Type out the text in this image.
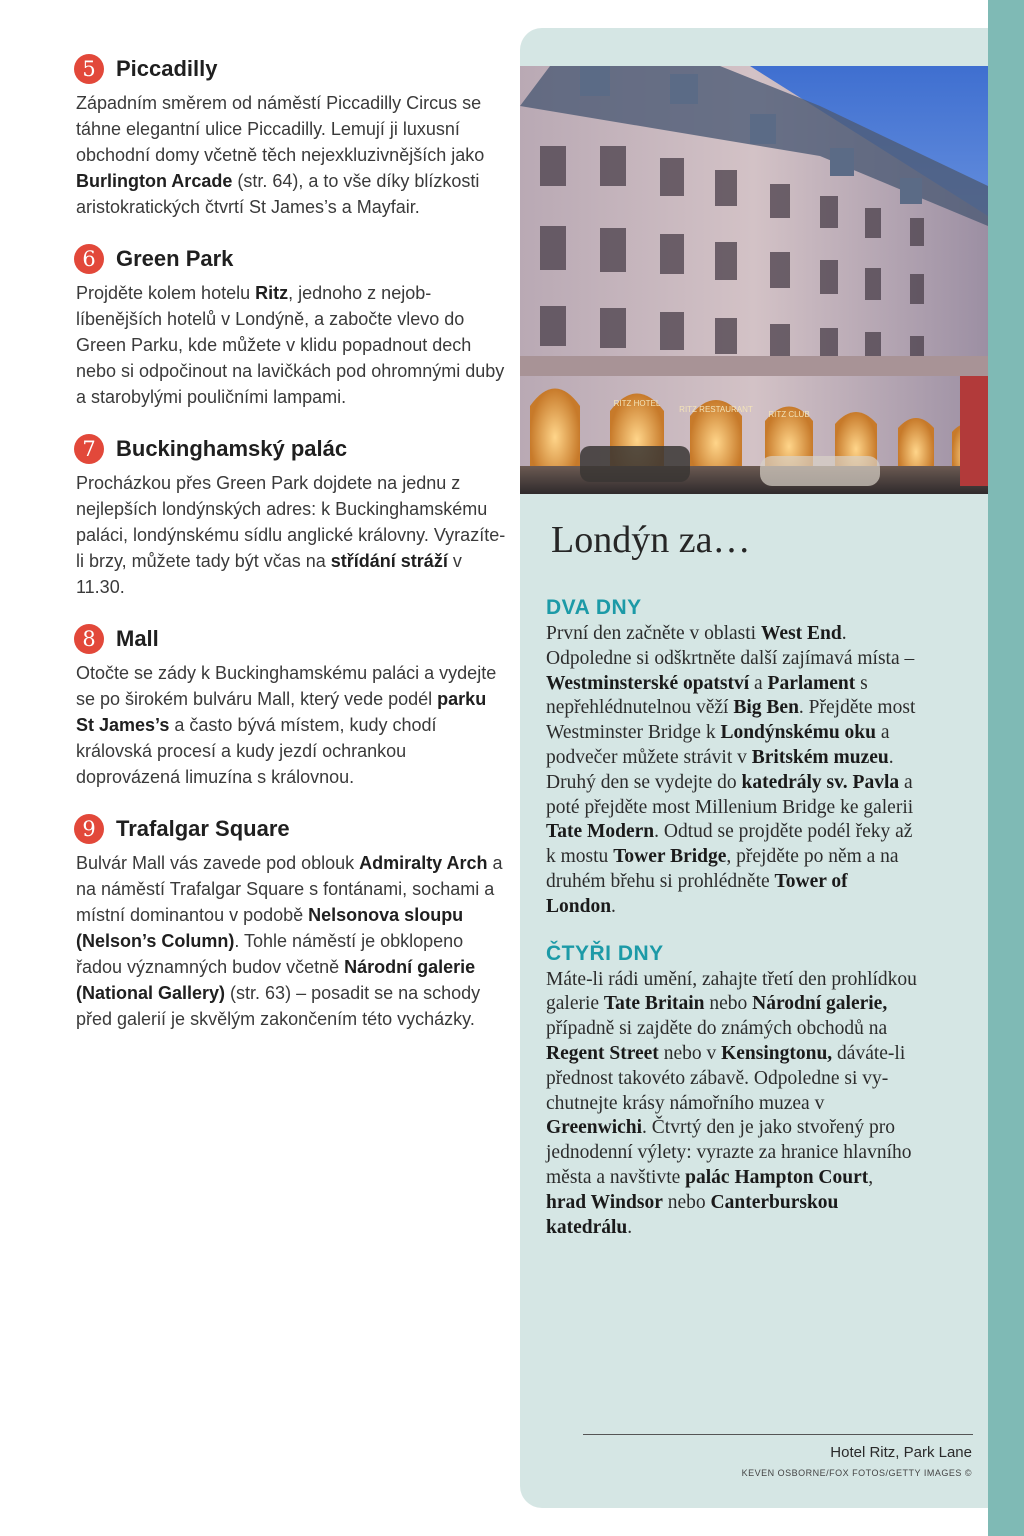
5 Piccadilly
Západním směrem od náměstí Piccadilly Circus se táhne elegantní ulice Piccadilly. Lemují ji luxusní obchodní domy včetně těch nejexkluzivnějších jako Burlington Arcade (str. 64), a to vše díky blízkosti aristokratických čtvrtí St James’s a Mayfair.
6 Green Park
Projděte kolem hotelu Ritz, jednoho z nejoblíbenějších hotelů v Londýně, a zabočte vlevo do Green Parku, kde můžete v klidu popadnout dech nebo si odpočinout na lavičkách pod ohromnými duby a starobylými pouličními lampami.
7 Buckinghamský palác
Procházkou přes Green Park dojdete na jednu z nejlepších londýnských adres: k Buckinghamskému paláci, londýnskému sídlu anglické královny. Vyrazíte-li brzy, můžete tady být včas na střídání stráží v 11.30.
8 Mall
Otočte se zády k Buckinghamskému paláci a vydejte se po širokém bulváru Mall, který vede podél parku St James’s a často bývá místem, kudy chodí královská procesí a kudy jezdí ochrankou doprovázená limuzína s královnou.
9 Trafalgar Square
Bulvár Mall vás zavede pod oblouk Admiralty Arch a na náměstí Trafalgar Square s fontánami, sochami a místní dominantou v podobě Nelsonova sloupu (Nelson’s Column). Tohle náměstí je obklopeno řadou významných budov včetně Národní galerie (National Gallery) (str. 63) – posadit se na schody před galerií je skvělým zakončením této vycházky.
RITZ HOTEL
RITZ RESTAURANT
RITZ CLUB
Londýn za…
DVA DNY
První den začněte v oblasti West End. Odpoledne si odškrtněte další zajímavá místa – Westminsterské opatství a Parlament s nepřehlédnutelnou věží Big Ben. Přejděte most Westminster Bridge k Londýnskému oku a podvečer můžete strávit v Britském muzeu. Druhý den se vydejte do katedrály sv. Pavla a poté přejděte most Millenium Bridge ke galerii Tate Modern. Odtud se projděte podél řeky až k mostu Tower Bridge, přejděte po něm a na druhém břehu si prohlédněte Tower of London.
ČTYŘI DNY
Máte-li rádi umění, zahajte třetí den prohlídkou galerie Tate Britain nebo Národní galerie, případně si zajděte do známých obchodů na Regent Street nebo v Kensingtonu, dáváte-li přednost takovéto zábavě. Odpoledne si vychutnejte krásy námořního muzea v Greenwichi. Čtvrtý den je jako stvořený pro jednodenní výlety: vyrazte za hranice hlavního města a navštivte palác Hampton Court, hrad Windsor nebo Canterburskou katedrálu.
Hotel Ritz, Park Lane
KEVEN OSBORNE/FOX FOTOS/GETTY IMAGES ©
